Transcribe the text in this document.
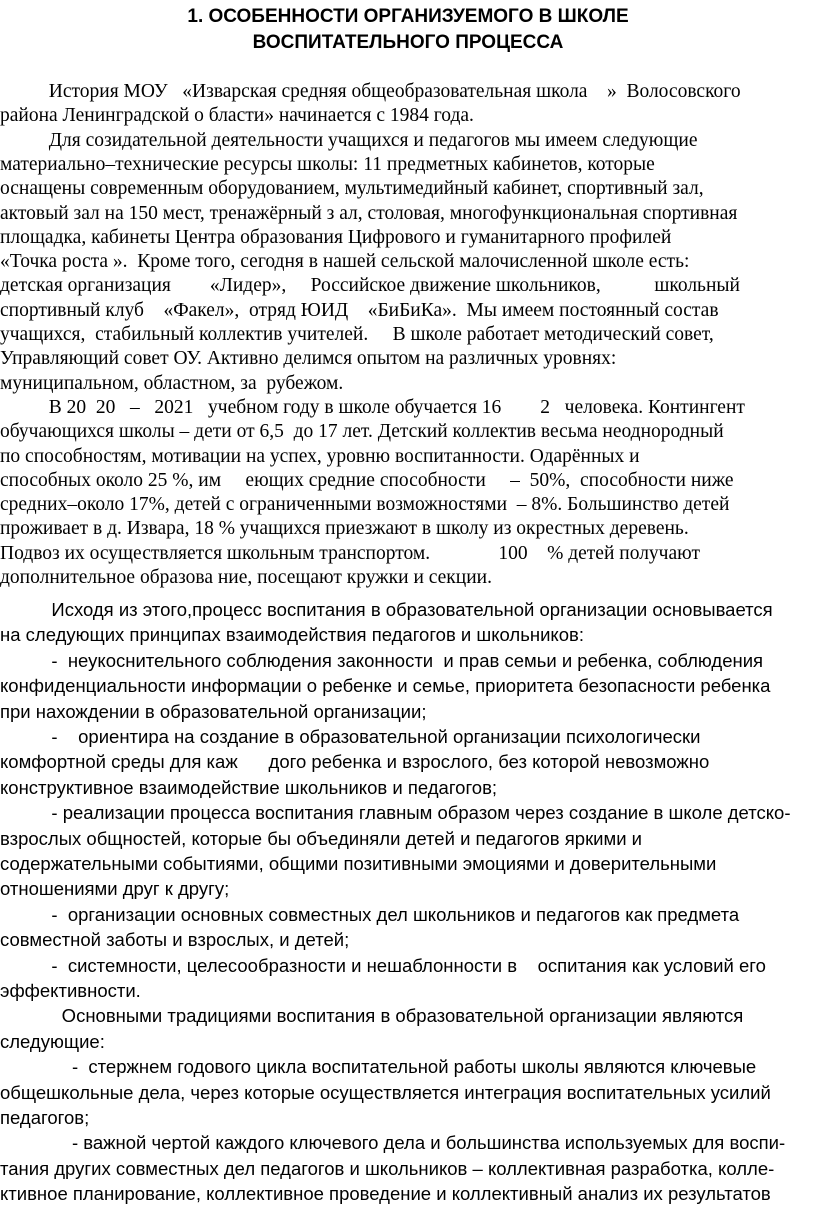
1. ОСОБЕННОСТИ ОРГАНИЗУЕМОГО В ШКОЛЕ
ВОСПИТАТЕЛЬНОГО ПРОЦЕССА
История МОУ   «Изварская средняя общеобразовательная школа    »  Волосовского
района Ленинградской о бласти» начинается с 1984 года.
Для созидательной деятельности учащихся и педагогов мы имеем следующие
материально–технические ресурсы школы: 11 предметных кабинетов, которые
оснащены современным оборудованием, мультимедийный кабинет, спортивный зал,
актовый зал на 150 мест, тренажёрный з ал, столовая, многофункциональная спортивная
площадка, кабинеты Центра образования Цифрового и гуманитарного профилей
«Точка роста ».  Кроме того, сегодня в нашей сельской малочисленной школе есть:
детская организация        «Лидер»,     Российское движение школьников,           школьный
спортивный клуб    «Факел»,  отряд ЮИД    «БиБиКа».  Мы имеем постоянный состав
учащихся,  стабильный коллектив учителей.     В школе работает методический совет,
Управляющий совет ОУ. Активно делимся опытом на различных уровнях:
муниципальном, областном, за  рубежом.
В 20  20   –   2021   учебном году в школе обучается 16        2   человека. Контингент
обучающихся школы – дети от 6,5  до 17 лет. Детский коллектив весьма неоднородный
по способностям, мотивации на успех, уровню воспитанности. Одарённых и
способных около 25 %, им     еющих средние способности     –  50%,  способности ниже
средних–около 17%, детей с ограниченными возможностями  – 8%. Большинство детей
проживает в д. Извара, 18 % учащихся приезжают в школу из окрестных деревень.
Подвоз их осуществляется школьным транспортом.              100    % детей получают
дополнительное образова ние, посещают кружки и секции.
Исходя из этого,процесс воспитания в образовательной организации основывается
на следующих принципах взаимодействия педагогов и школьников:
-  неукоснительного соблюдения законности  и прав семьи и ребенка, соблюдения
конфиденциальности информации о ребенке и семье, приоритета безопасности ребенка
при нахождении в образовательной организации;
-    ориентира на создание в образовательной организации психологически
комфортной среды для каж      дого ребенка и взрослого, без которой невозможно
конструктивное взаимодействие школьников и педагогов;
- реализации процесса воспитания главным образом через создание в школе детско-
взрослых общностей, которые бы объединяли детей и педагогов яркими и
содержательными событиями, общими позитивными эмоциями и доверительными
отношениями друг к другу;
-  организации основных совместных дел школьников и педагогов как предмета
совместной заботы и взрослых, и детей;
-  системности, целесообразности и нешаблонности в    оспитания как условий его
эффективности.
Основными традициями воспитания в образовательной организации являются
следующие:
-  стержнем годового цикла воспитательной работы школы являются ключевые
общешкольные дела, через которые осуществляется интеграция воспитательных усилий
педагогов;
- важной чертой каждого ключевого дела и большинства используемых для воспи-
тания других совместных дел педагогов и школьников – коллективная разработка, колле-
ктивное планирование, коллективное проведение и коллективный анализ их результатов
